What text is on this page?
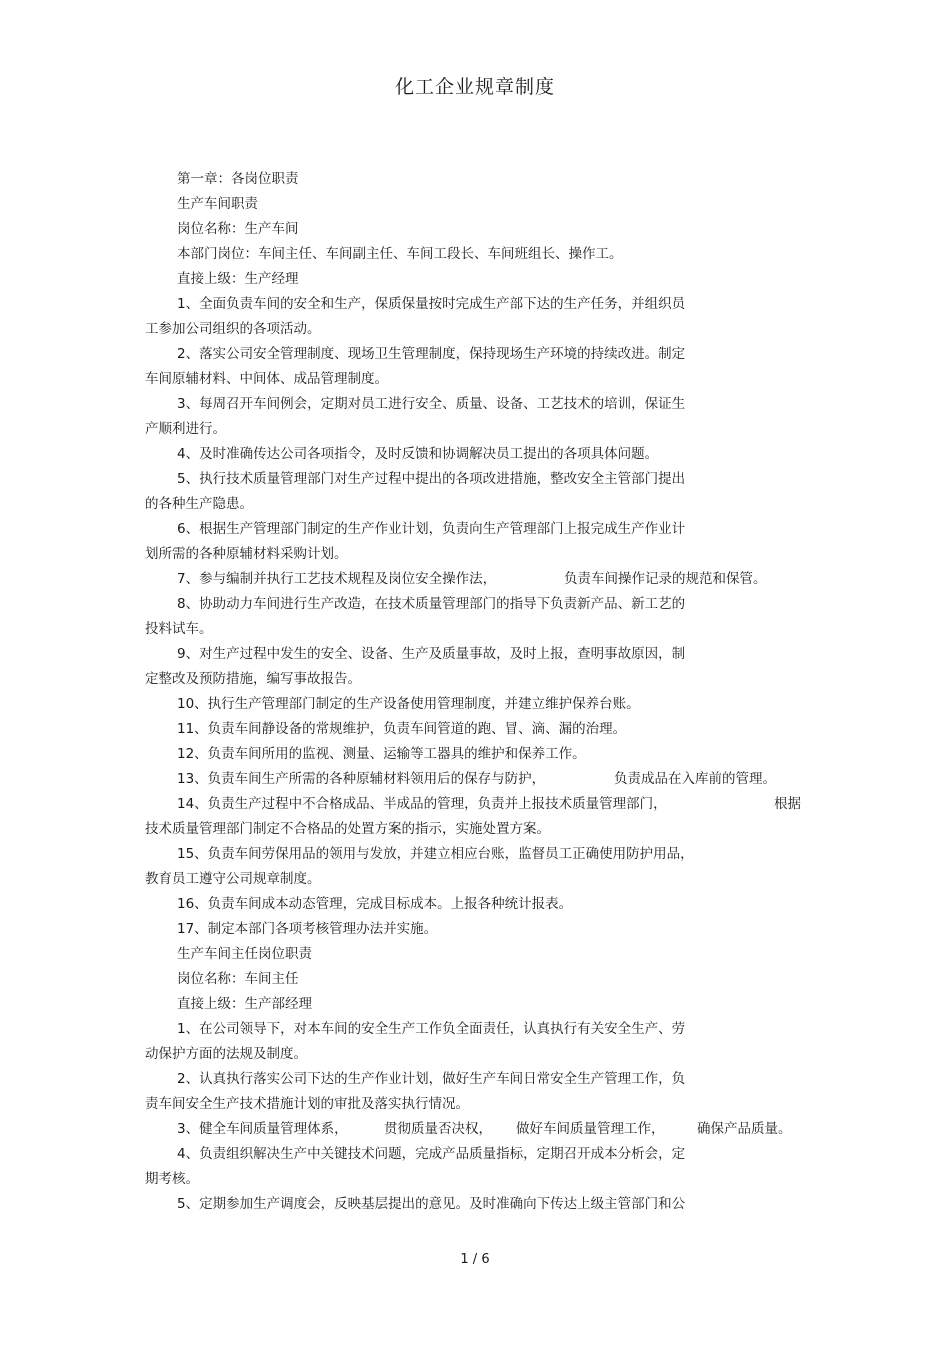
化工企业规章制度
第一章：各岗位职责
生产车间职责
岗位名称：生产车间
本部门岗位：车间主任、车间副主任、车间工段长、车间班组长、操作工。
直接上级：生产经理
1、全面负责车间的安全和生产，保质保量按时完成生产部下达的生产任务，并组织员
工参加公司组织的各项活动。
2、落实公司安全管理制度、现场卫生管理制度，保持现场生产环境的持续改进。制定
车间原辅材料、中间体、成品管理制度。
3、每周召开车间例会，定期对员工进行安全、质量、设备、工艺技术的培训，保证生
产顺利进行。
4、及时准确传达公司各项指令，及时反馈和协调解决员工提出的各项具体问题。
5、执行技术质量管理部门对生产过程中提出的各项改进措施，整改安全主管部门提出
的各种生产隐患。
6、根据生产管理部门制定的生产作业计划，负责向生产管理部门上报完成生产作业计
划所需的各种原辅材料采购计划。
7、参与编制并执行工艺技术规程及岗位安全操作法，	负责车间操作记录的规范和保管。
8、协助动力车间进行生产改造，在技术质量管理部门的指导下负责新产品、新工艺的
投料试车。
9、对生产过程中发生的安全、设备、生产及质量事故，及时上报，查明事故原因，制
定整改及预防措施，编写事故报告。
10、执行生产管理部门制定的生产设备使用管理制度，并建立维护保养台账。
11、负责车间静设备的常规维护，负责车间管道的跑、冒、滴、漏的治理。
12、负责车间所用的监视、测量、运输等工器具的维护和保养工作。
13、负责车间生产所需的各种原辅材料领用后的保存与防护，	负责成品在入库前的管理。
14、负责生产过程中不合格成品、半成品的管理，负责并上报技术质量管理部门，	根据
技术质量管理部门制定不合格品的处置方案的指示，实施处置方案。
15、负责车间劳保用品的领用与发放，并建立相应台账，监督员工正确使用防护用品，
教育员工遵守公司规章制度。
16、负责车间成本动态管理，完成目标成本。上报各种统计报表。
17、制定本部门各项考核管理办法并实施。
生产车间主任岗位职责
岗位名称：车间主任
直接上级：生产部经理
1、在公司领导下，对本车间的安全生产工作负全面责任，认真执行有关安全生产、劳
动保护方面的法规及制度。
2、认真执行落实公司下达的生产作业计划，做好生产车间日常安全生产管理工作，负
责车间安全生产技术措施计划的审批及落实执行情况。
3、健全车间质量管理体系，	贯彻质量否决权， 做好车间质量管理工作， 确保产品质量。
4、负责组织解决生产中关键技术问题，完成产品质量指标，定期召开成本分析会，定
期考核。
5、定期参加生产调度会，反映基层提出的意见。及时准确向下传达上级主管部门和公
1 / 6
